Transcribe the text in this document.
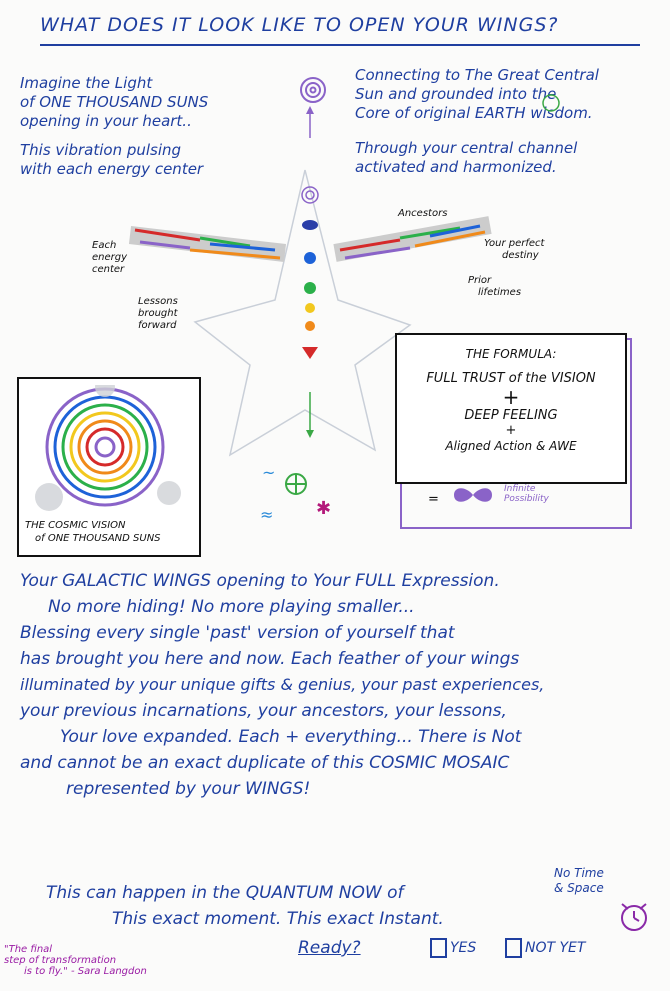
WHAT DOES IT LOOK LIKE TO OPEN YOUR WINGS?
Imagine the Light
of ONE THOUSAND SUNS
opening in your heart..
This vibration pulsing
with each energy center
Connecting to The Great Central
Sun and grounded into the
Core of original EARTH wisdom.
Through your central channel
activated and harmonized.
~
≈ ✱
Each
energy
center
Lessons
brought
forward
Ancestors
Your perfect
destiny
Prior
lifetimes
THE FORMULA:
FULL TRUST of the VISION
+
DEEP FEELING
+
Aligned Action & AWE
=
Infinite Possibility
THE COSMIC VISION
of ONE THOUSAND SUNS
Your GALACTIC WINGS opening to Your FULL Expression.
No more hiding! No more playing smaller...
Blessing every single 'past' version of yourself that
has brought you here and now. Each feather of your wings
illuminated by your unique gifts & genius, your past experiences,
your previous incarnations, your ancestors, your lessons,
Your love expanded. Each + everything... There is Not
and cannot be an exact duplicate of this COSMIC MOSAIC
represented by your WINGS!
This can happen in the QUANTUM NOW of
This exact moment. This exact Instant.
No Time
& Space
"The final
step of transformation
is to fly." - Sara Langdon
Ready?	YES	NOT YET
